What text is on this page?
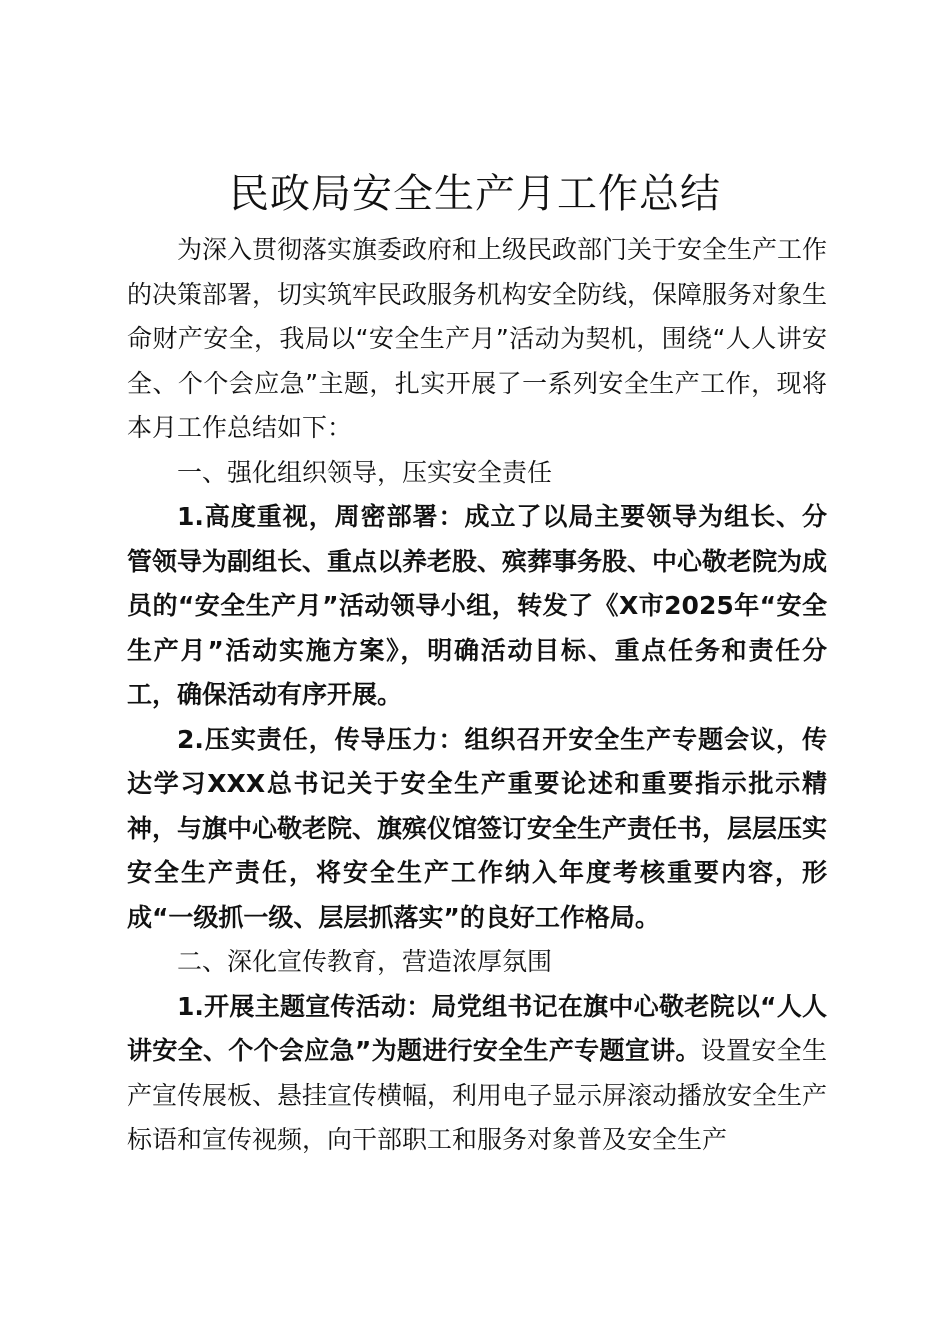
民政局安全生产月工作总结

为深入贯彻落实旗委政府和上级民政部门关于安全生产工作的决策部署，切实筑牢民政服务机构安全防线，保障服务对象生命财产安全，我局以“安全生产月”活动为契机，围绕“人人讲安全、个个会应急”主题，扎实开展了一系列安全生产工作，现将本月工作总结如下：

一、强化组织领导，压实安全责任

1.高度重视，周密部署：成立了以局主要领导为组长、分管领导为副组长、重点以养老股、殡葬事务股、中心敬老院为成员的“安全生产月”活动领导小组，转发了《X市2025年“安全生产月”活动实施方案》，明确活动目标、重点任务和责任分工，确保活动有序开展。

2.压实责任，传导压力：组织召开安全生产专题会议，传达学习XXX总书记关于安全生产重要论述和重要指示批示精神，与旗中心敬老院、旗殡仪馆签订安全生产责任书，层层压实安全生产责任，将安全生产工作纳入年度考核重要内容，形成“一级抓一级、层层抓落实”的良好工作格局。

二、深化宣传教育，营造浓厚氛围

1.开展主题宣传活动：局党组书记在旗中心敬老院以“人人讲安全、个个会应急”为题进行安全生产专题宣讲。设置安全生产宣传展板、悬挂宣传横幅，利用电子显示屏滚动播放安全生产标语和宣传视频，向干部职工和服务对象普及安全生产
